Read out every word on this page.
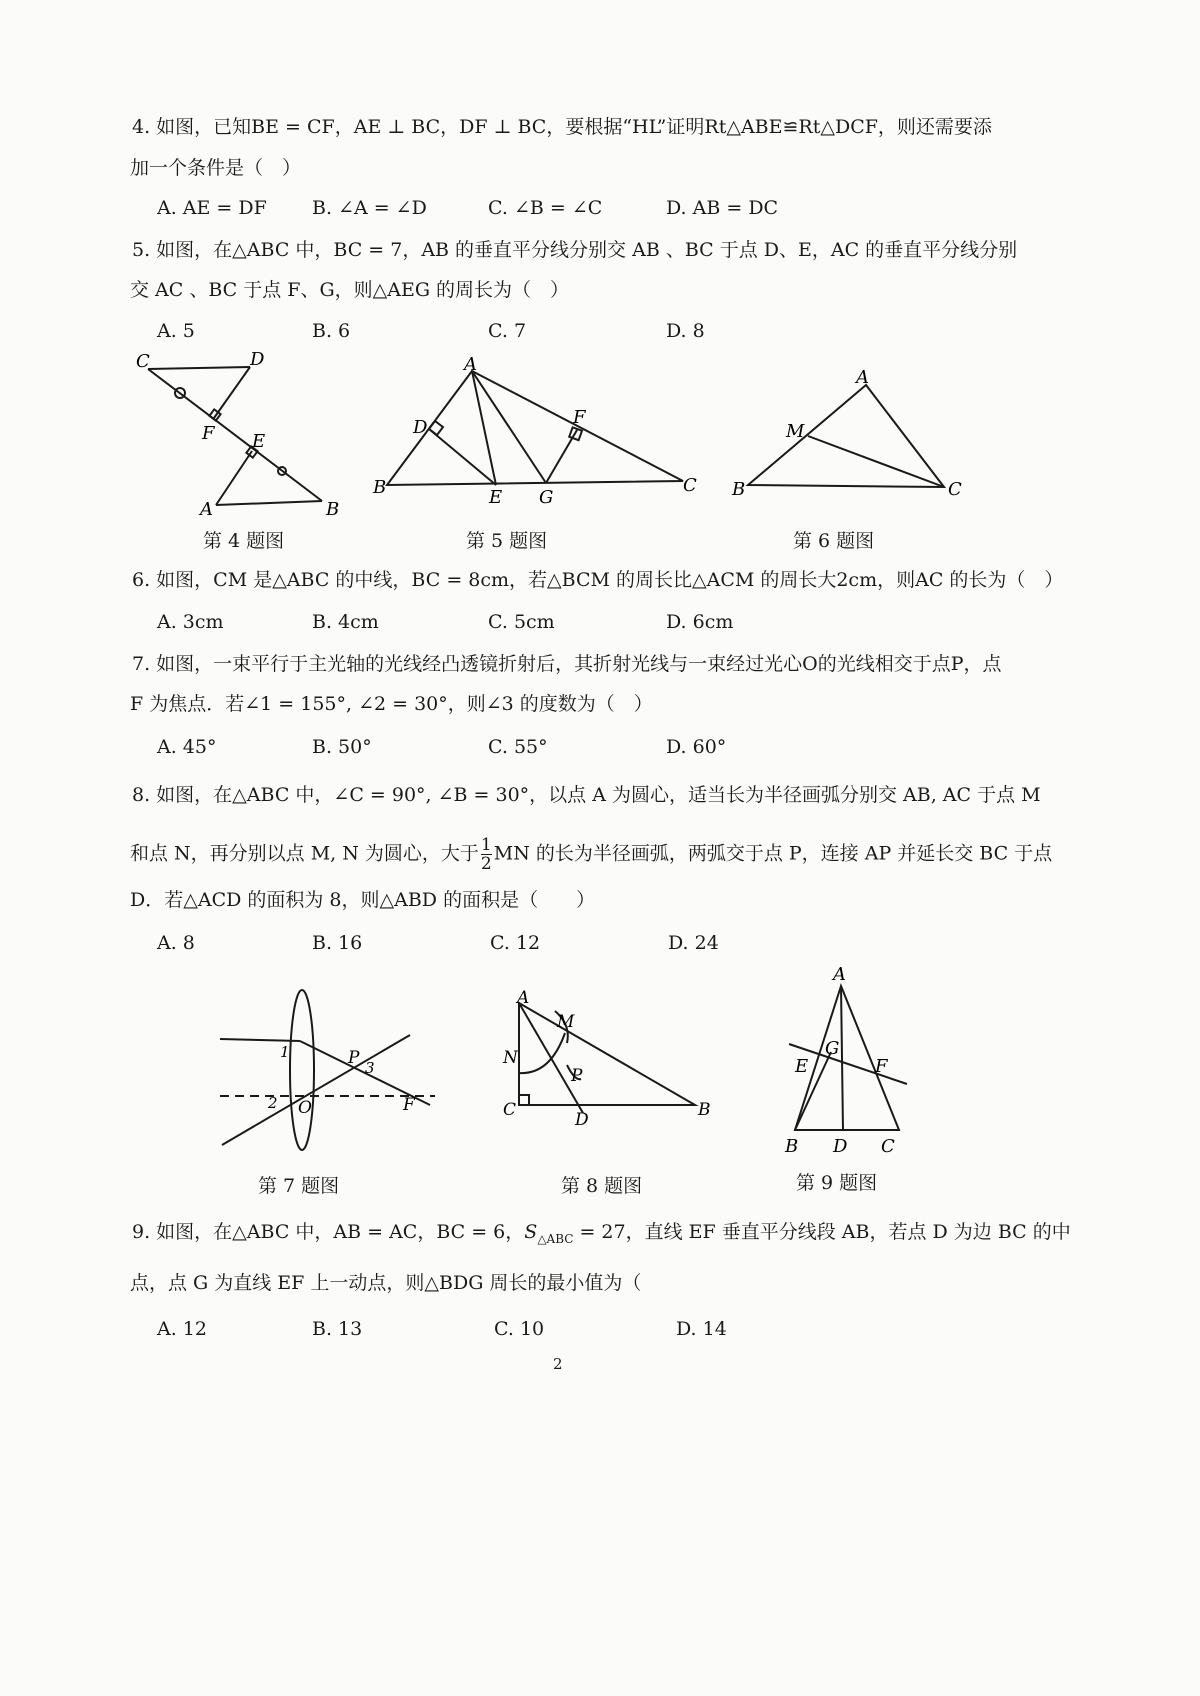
4. 如图，已知BE = CF，AE ⊥ BC，DF ⊥ BC，要根据“HL”证明Rt△ABE≌Rt△DCF，则还需要添
加一个条件是（　）
A. AE = DF B. ∠A = ∠D	C. ∠B = ∠C	D. AB = DC
5. 如图，在△ABC 中，BC = 7，AB 的垂直平分线分别交 AB 、BC 于点 D、E，AC 的垂直平分线分别
交 AC 、BC 于点 F、G，则△AEG 的周长为（　）
A. 5	B. 6	C. 7	D. 8
C	D
F E
A	B
第 4 题图
A
D	F
B	E G
C
第 5 题图
A
M
B	C
第 6 题图
6. 如图，CM 是△ABC 的中线，BC = 8cm，若△BCM 的周长比△ACM 的周长大2cm，则AC 的长为（　）
A. 3cm	B. 4cm	C. 5cm	D. 6cm
7. 如图，一束平行于主光轴的光线经凸透镜折射后，其折射光线与一束经过光心O的光线相交于点P，点
F 为焦点．若∠1 = 155°, ∠2 = 30°，则∠3 的度数为（　）
A. 45°	B. 50°	C. 55°	D. 60°
8. 如图，在△ABC 中，∠C = 90°, ∠B = 30°，以点 A 为圆心，适当长为半径画弧分别交 AB, AC 于点 M
和点 N，再分别以点 M, N 为圆心，大于 $\frac{1}{2}$ MN 的长为半径画弧，两弧交于点 P，连接 AP 并延长交 BC 于点
D．若△ACD 的面积为 8，则△ABD 的面积是（　　）
A. 8	B. 16	C. 12	D. 24
1	P 3
2 O	F
第 7 题图
A
M
N
P
C	D	B
第 8 题图
A
G
E	F
B D C
第 9 题图
9. 如图，在△ABC 中，AB = AC，BC = 6，$S_{\triangle ABC} = 27$，直线 EF 垂直平分线段 AB，若点 D 为边 BC 的中
点，点 G 为直线 EF 上一动点，则△BDG 周长的最小值为（
A. 12	B. 13	C. 10	D. 14
2
